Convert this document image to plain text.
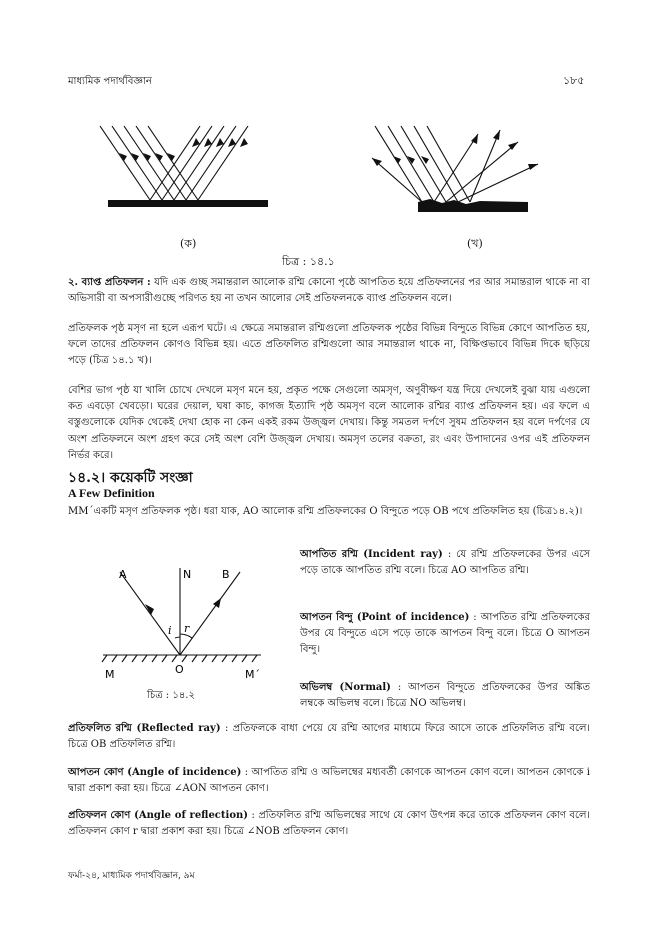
মাধ্যমিক পদার্থবিজ্ঞান	১৮৫
(ক)	(খ)
চিত্র : ১৪.১
২. ব্যাপ্ত প্রতিফলন : যদি এক গুচ্ছ সমান্তরাল আলোক রশ্মি কোনো পৃষ্ঠে আপতিত হয়ে প্রতিফলনের পর আর সমান্তরাল থাকে না বা অভিসারী বা অপসারীগুচ্ছে পরিণত হয় না তখন আলোর সেই প্রতিফলনকে ব্যাপ্ত প্রতিফলন বলে।
প্রতিফলক পৃষ্ঠ মসৃণ না হলে এরূপ ঘটে। এ ক্ষেত্রে সমান্তরাল রশ্মিগুলো প্রতিফলক পৃষ্ঠের বিভিন্ন বিন্দুতে বিভিন্ন কোণে আপতিত হয়, ফলে তাদের প্রতিফলন কোণও বিভিন্ন হয়। এতে প্রতিফলিত রশ্মিগুলো আর সমান্তরাল থাকে না, বিক্ষিপ্তভাবে বিভিন্ন দিকে ছড়িয়ে পড়ে (চিত্র ১৪.১ খ)।
বেশির ভাগ পৃষ্ঠ যা খালি চোখে দেখলে মসৃণ মনে হয়, প্রকৃত পক্ষে সেগুলো অমসৃণ, অণুবীক্ষণ যন্ত্র দিয়ে দেখলেই বুঝা যায় এগুলো কত এবড়ো খেবড়ো। ঘরের দেয়াল, ঘষা কাচ, কাগজ ইত্যাদি পৃষ্ঠ অমসৃণ বলে আলোক রশ্মির ব্যাপ্ত প্রতিফলন হয়। এর ফলে এ বস্তুগুলোকে যেদিক থেকেই দেখা হোক না কেন একই রকম উজ্জ্বল দেখায়। কিন্তু সমতল দর্পণে সুষম প্রতিফলন হয় বলে দর্পণের যে অংশ প্রতিফলনে অংশ গ্রহণ করে সেই অংশ বেশি উজ্জ্বল দেখায়। অমসৃণ তলের বক্রতা, রং এবং উপাদানের ওপর এই প্রতিফলন নির্ভর করে।
১৪.২। কয়েকটি সংজ্ঞা
A Few Definition
MM´একটি মসৃণ প্রতিফলক পৃষ্ঠ। ধরা যাক, AO আলোক রশ্মি প্রতিফলকের O বিন্দুতে পড়ে OB পথে প্রতিফলিত হয় (চিত্র১৪.২)।
A	N	B
i r
O
M	M´
চিত্র : ১৪.২
আপতিত রশ্মি (Incident ray) : যে রশ্মি প্রতিফলকের উপর এসে পড়ে তাকে আপতিত রশ্মি বলে। চিত্রে AO আপতিত রশ্মি।
আপতন বিন্দু (Point of incidence) : আপতিত রশ্মি প্রতিফলকের উপর যে বিন্দুতে এসে পড়ে তাকে আপতন বিন্দু বলে। চিত্রে O আপতন বিন্দু।
অভিলম্ব (Normal) : আপতন বিন্দুতে প্রতিফলকের উপর অঙ্কিত লম্বকে অভিলম্ব বলে। চিত্রে NO অভিলম্ব।
প্রতিফলিত রশ্মি (Reflected ray) : প্রতিফলকে বাধা পেয়ে যে রশ্মি আগের মাধ্যমে ফিরে আসে তাকে প্রতিফলিত রশ্মি বলে। চিত্রে OB প্রতিফলিত রশ্মি।
আপতন কোণ (Angle of incidence) : আপতিত রশ্মি ও অভিলম্বের মধ্যবর্তী কোণকে আপতন কোণ বলে। আপতন কোণকে i দ্বারা প্রকাশ করা হয়। চিত্রে ∠AON আপতন কোণ।
প্রতিফলন কোণ (Angle of reflection) : প্রতিফলিত রশ্মি অভিলম্বের সাথে যে কোণ উৎপন্ন করে তাকে প্রতিফলন কোণ বলে। প্রতিফলন কোণ r দ্বারা প্রকাশ করা হয়। চিত্রে ∠NOB প্রতিফলন কোণ।
ফর্মা-২৪, মাধ্যমিক পদার্থবিজ্ঞান, ৯ম
